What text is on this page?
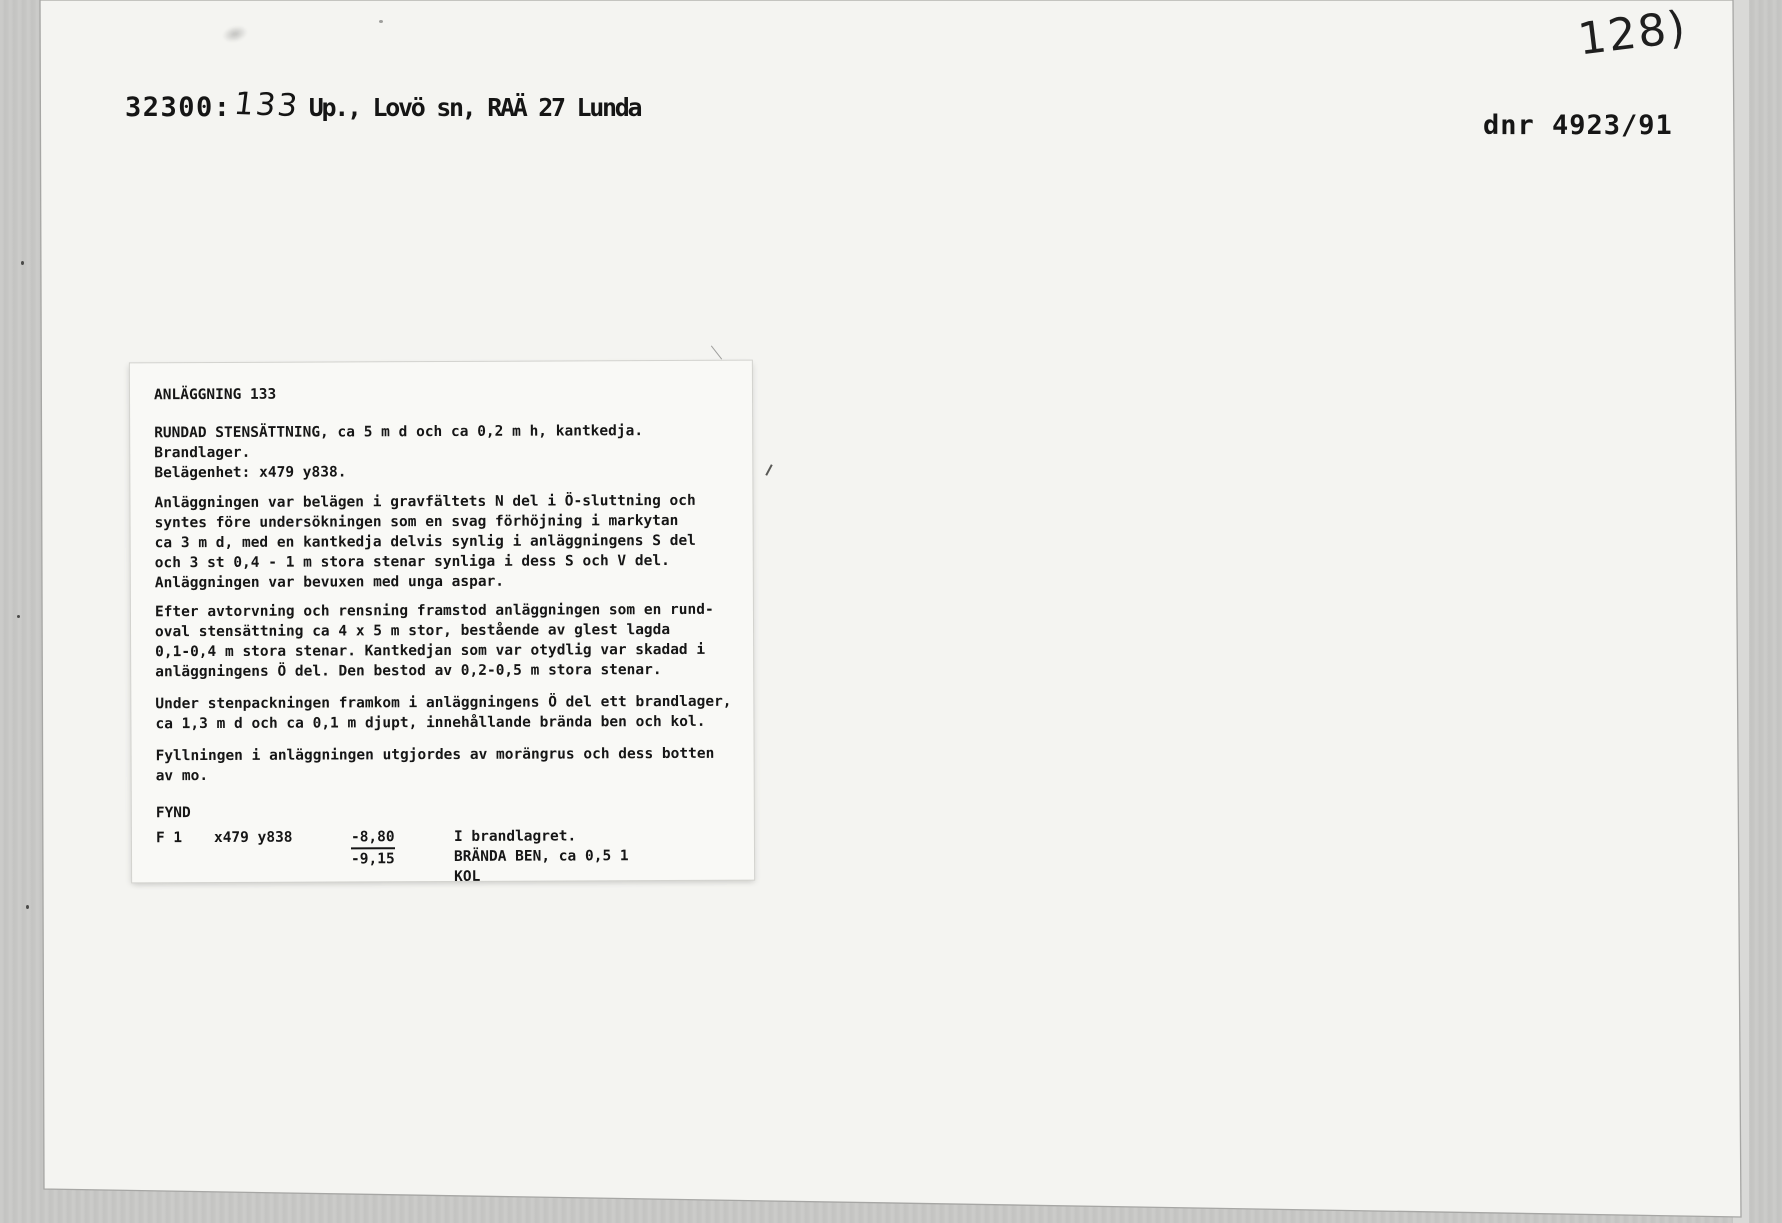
32300:133 Up., Lovö sn, RAÄ 27 Lunda
128)
dnr 4923/91
ANLÄGGNING 133
RUNDAD STENSÄTTNING, ca 5 m d och ca 0,2 m h, kantkedja.
Brandlager.
Belägenhet: x479 y838.
Anläggningen var belägen i gravfältets N del i Ö-sluttning och
syntes före undersökningen som en svag förhöjning i markytan
ca 3 m d, med en kantkedja delvis synlig i anläggningens S del
och 3 st 0,4 - 1 m stora stenar synliga i dess S och V del.
Anläggningen var bevuxen med unga aspar.
Efter avtorvning och rensning framstod anläggningen som en rund-
oval stensättning ca 4 x 5 m stor, bestående av glest lagda
0,1-0,4 m stora stenar. Kantkedjan som var otydlig var skadad i
anläggningens Ö del. Den bestod av 0,2-0,5 m stora stenar.
Under stenpackningen framkom i anläggningens Ö del ett brandlager,
ca 1,3 m d och ca 0,1 m djupt, innehållande brända ben och kol.
Fyllningen i anläggningen utgjordes av morängrus och dess botten
av mo.
FYND
F 1	x479 y838	-8,80
-9,15
I brandlagret.
BRÄNDA BEN, ca 0,5 1
KOL
